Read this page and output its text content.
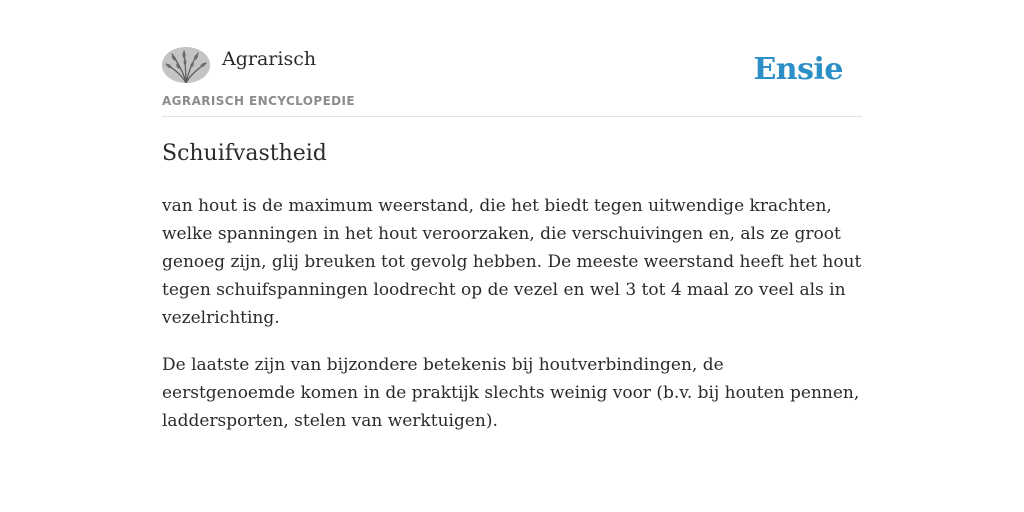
Agrarisch
AGRARISCH ENCYCLOPEDIE
Ensie
Schuifvastheid

van hout is de maximum weerstand, die het biedt tegen uitwendige krachten, welke spanningen in het hout veroorzaken, die verschuivingen en, als ze groot genoeg zijn, glij breuken tot gevolg hebben. De meeste weerstand heeft het hout tegen schuifspanningen loodrecht op de vezel en wel 3 tot 4 maal zo veel als in vezelrichting.

De laatste zijn van bijzondere betekenis bij houtverbindingen, de eerstgenoemde komen in de praktijk slechts weinig voor (b.v. bij houten pennen, laddersporten, stelen van werktuigen).
